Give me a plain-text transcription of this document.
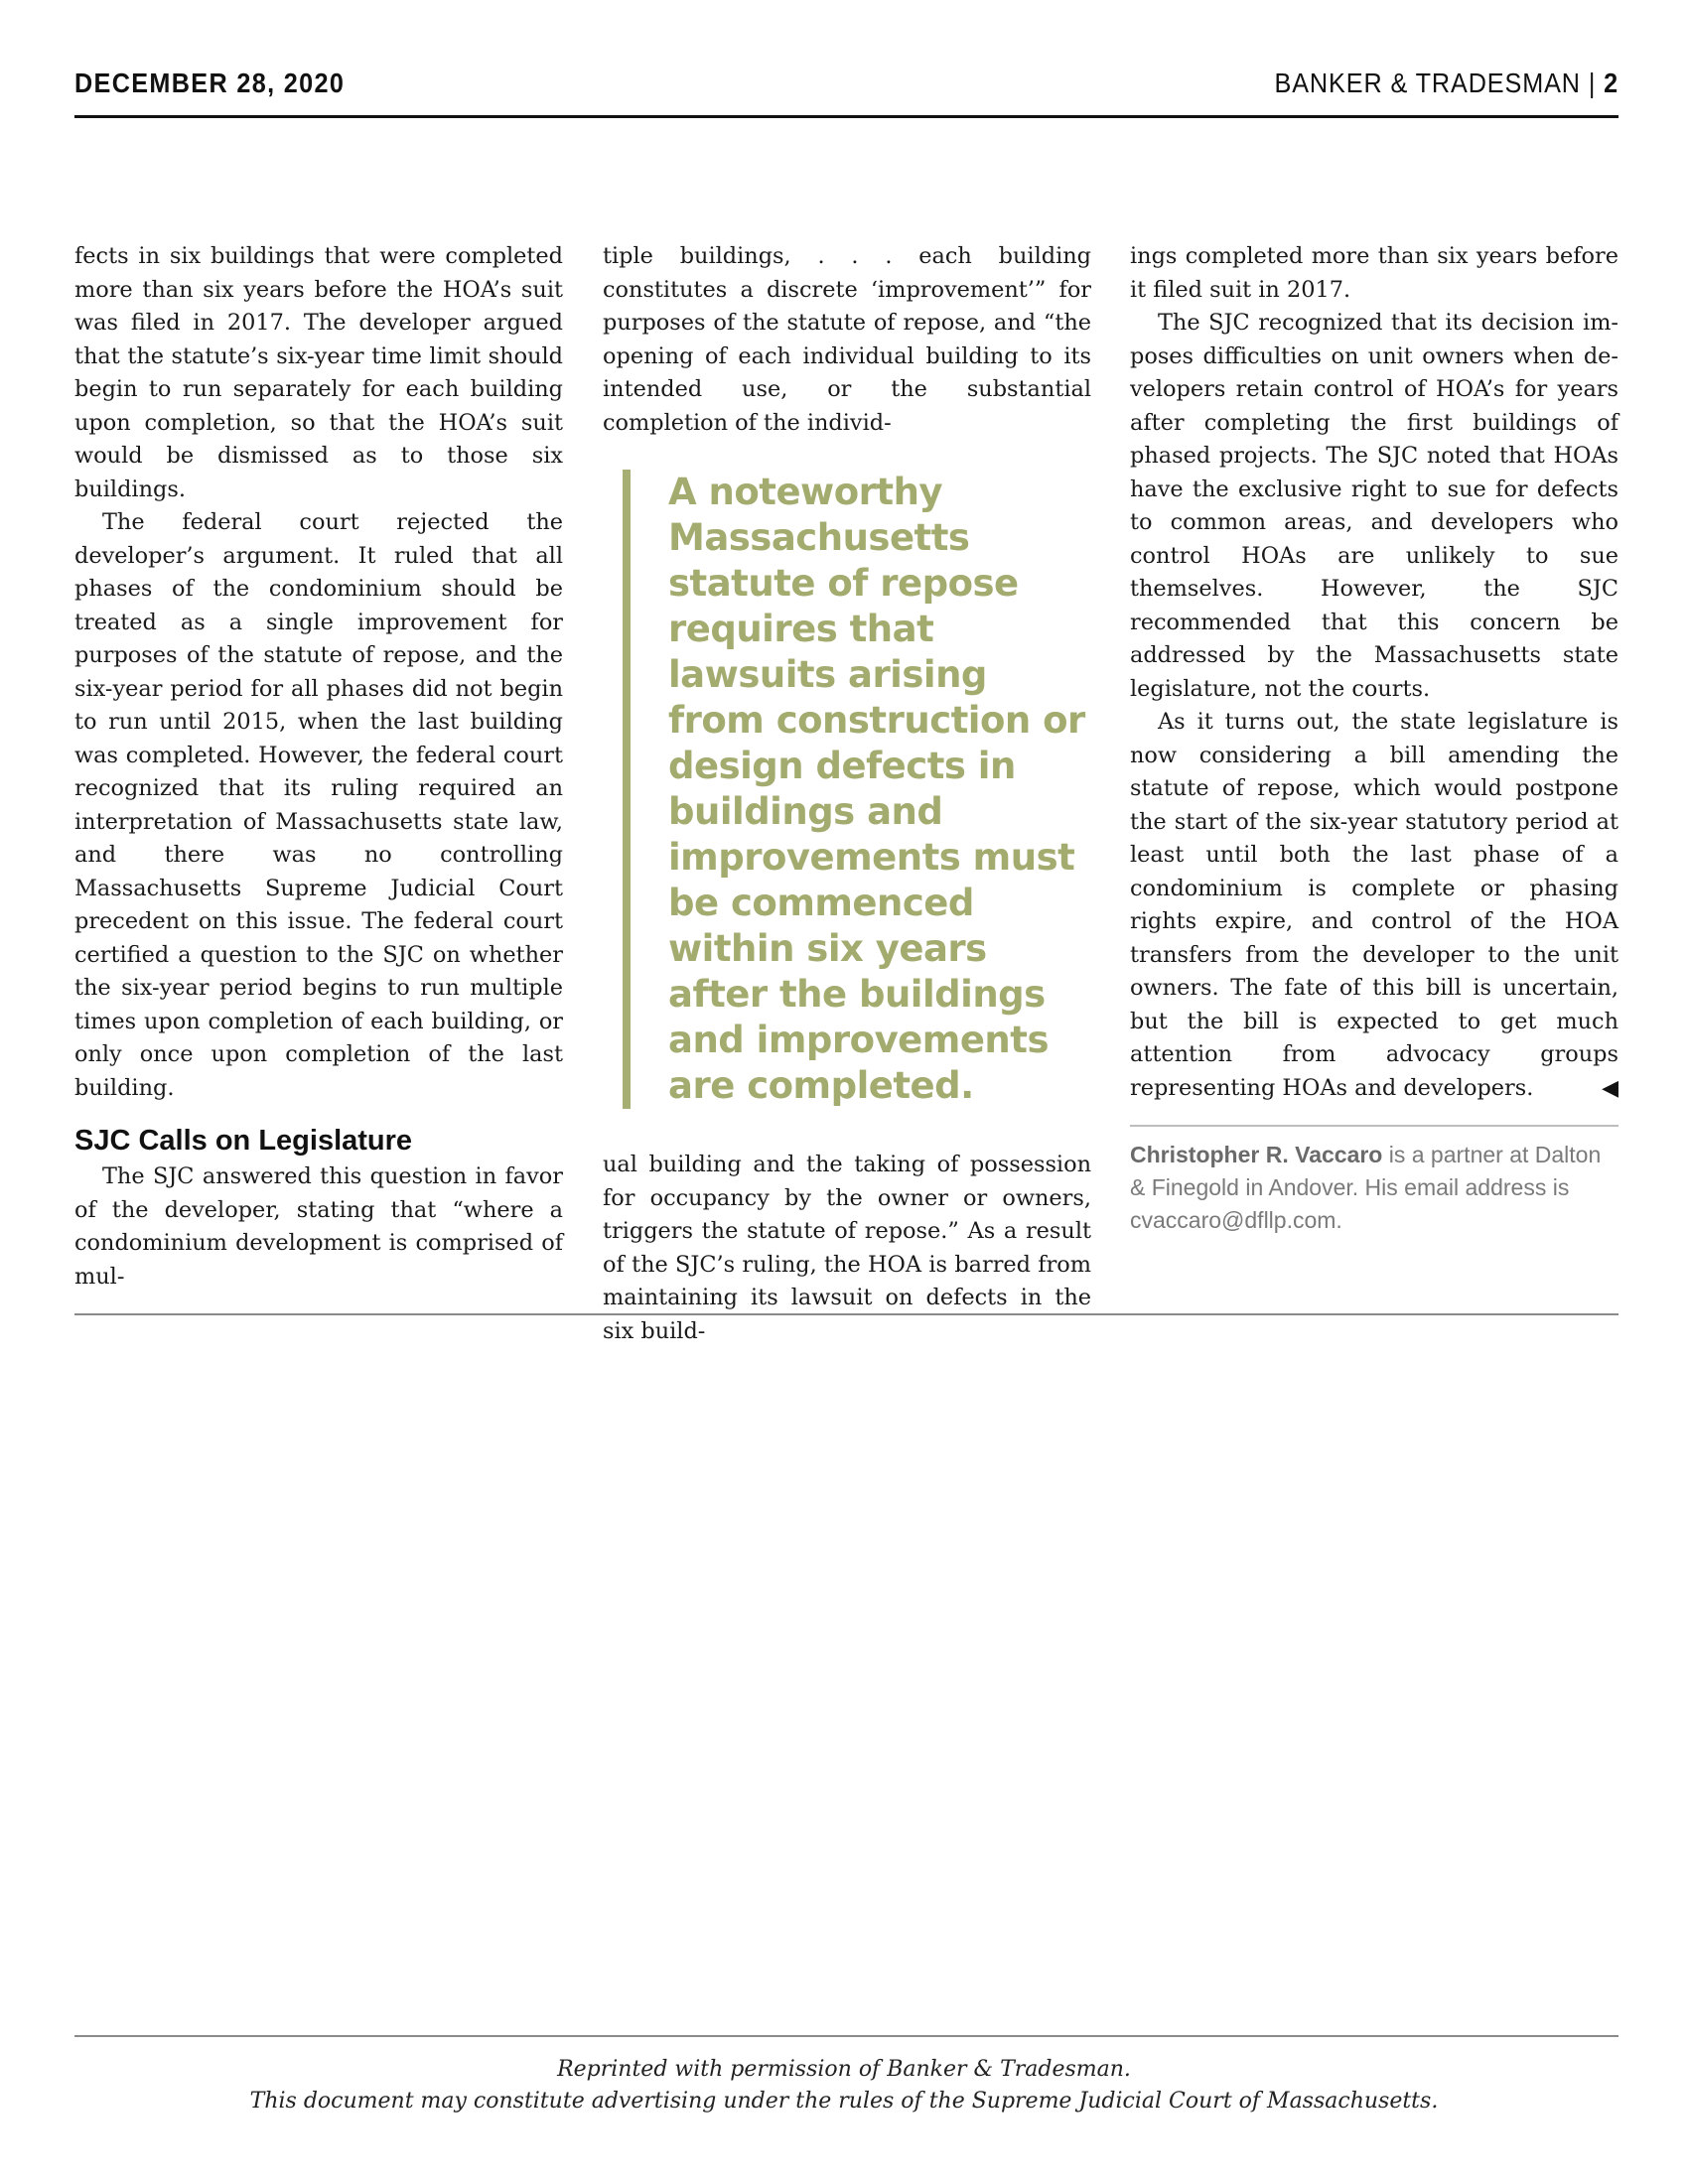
DECEMBER 28, 2020	BANKER & TRADESMAN | 2

fects in six buildings that were completed more than six years before the HOA’s suit was filed in 2017. The developer argued that the statute’s six-year time limit should begin to run separately for each building upon completion, so that the HOA’s suit would be dismissed as to those six buildings.

The federal court rejected the developer’s argument. It ruled that all phases of the condominium should be treated as a single improvement for purposes of the statute of repose, and the six-year period for all phases did not begin to run until 2015, when the last building was completed. However, the federal court recognized that its ruling required an interpretation of Massachusetts state law, and there was no controlling Massachusetts Supreme Judicial Court precedent on this issue. The federal court certified a question to the SJC on whether the six-year period begins to run multiple times upon completion of each building, or only once upon completion of the last building.

SJC Calls on Legislature

The SJC answered this question in favor of the developer, stating that “where a condominium development is comprised of mul-

tiple buildings, . . . each building constitutes a discrete ‘improvement’” for purposes of the statute of repose, and “the opening of each individual building to its intended use, or the substantial completion of the individ-

A noteworthy Massachusetts statute of repose requires that lawsuits arising from construction or design defects in buildings and improvements must be commenced within six years after the buildings and improvements are completed.

ual building and the taking of possession for occupancy by the owner or owners, triggers the statute of repose.” As a result of the SJC’s ruling, the HOA is barred from maintaining its lawsuit on defects in the six build-

ings completed more than six years before it filed suit in 2017.

The SJC recognized that its decision imposes difficulties on unit owners when developers retain control of HOA’s for years after completing the first buildings of phased projects. The SJC noted that HOAs have the exclusive right to sue for defects to common areas, and developers who control HOAs are unlikely to sue themselves. However, the SJC recommended that this concern be addressed by the Massachusetts state legislature, not the courts.

As it turns out, the state legislature is now considering a bill amending the statute of repose, which would postpone the start of the six-year statutory period at least until both the last phase of a condominium is complete or phasing rights expire, and control of the HOA transfers from the developer to the unit owners. The fate of this bill is uncertain, but the bill is expected to get much attention from advocacy groups representing HOAs and developers.	◀

Christopher R. Vaccaro is a partner at Dalton & Finegold in Andover. His email address is cvaccaro@dfllp.com.
Reprinted with permission of Banker & Tradesman.
This document may constitute advertising under the rules of the Supreme Judicial Court of Massachusetts.
